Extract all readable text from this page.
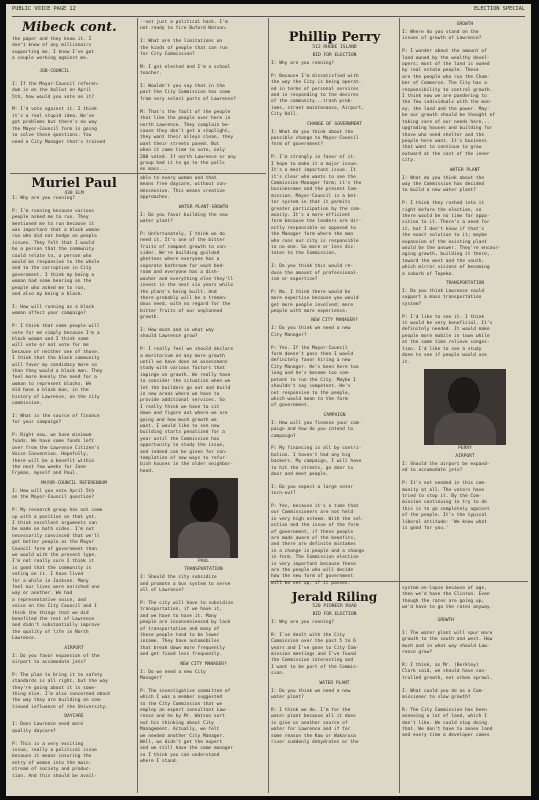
PUBLIC VOICE PAGE 12	ELECTION SPECIAL
Mibeck cont.
the paper and they know it. I
don't know of any millionairs
supporting me. I know I've got
a couple working against me.

JOB-COUNCIL

I: If the Mayor-Council referen-
dum is on the ballot on April
5th, how would you vote on it?

M: I'd vote against it. I think
it's a real stupid idea. We've
got problems but there's no way
the Mayor-Council form is going
to solve those questions. You
need a City Manager that's trained
--not just a political hack. I'm
not ready to fire Buford Watson.

I: What are the limitations on
the kinds of people that can run
for City Commission?

M: I got elected and I'm a school
teacher.

I: Wouldn't you say that in the
past the City Commission has come
from very select parts of Lawrence?

M: That's the fault of the people
that like the people over here in
north Lawrence. They complain be-
cause they don't get a stoplight,
they want their alleys clean, they
want their streets paved. But
when it came time to vote, only
200 voted. If north Lawrence or any
group had it to go to the polls
en mass...
Muriel Paul
438 ELM
I: Why are you running?

P: I'm running because various
people asked me to run. They
mentioned me to run because it
was important that a black woman
run who did not hedge on people
issues. They felt that I would
be a person that the community
could relate to, a person who
would be responsive to the whole
and to the corruption in City
government. I think my being a
woman had some bearing on the
people who asked me to run,
and also my being a black.

I: How will running as a black
woman affect your campaign?

P: I think that some people will
vote for me simply because I'm a
black woman and I think some
will vote or not vote for me
because of neither one of those.
I think that the black community
will favor my candidacy more so
than they would a black man. They
feel more keenly the need for a
woman to represent blacks. We
did have a black man, in the
history of Lawrence, on the city
commission.

I: What is the source of finance
for your campaign?

P: Right now, we have minimum
funds. We have some funds left
over from the Lawrence Citizen's
Voice Convention. Hopefully,
there will be a benefit within
the next few weeks for Jane
Fryman, myself and Paul.
MAYOR-COUNCIL REFERENDUM
I: How will you vote April 5th
on the Mayor-Council question?

P: My research group has not come
up with a position on that yet.
I think excellent arguments can
be made on both sides. I'm not
necessarily convinced that we'll
get better people as the Mayor
Council form of government than
we would with the present type.
I'm not really sure I think it
is good that the community is
voting on it. I have lived
for a while in Jackson. Many
feel our lives were enriched one
way or another. We had
a representative voice, and
voice on the City Council and I
think the things that we did
benefited the rest of Lawrence
and didn't substantially improve
the quality of life in North
Lawrence.
AIRPORT
I: Do you favor expansion of the
airport to accomodate jets?

P: The plan to bring it to safety
standards is all right, but the way
they're going about it is some-
thing else. I'm also concerned about
the way they are building on com-
tinued influence of the University.
DAYCARE
I: Does Lawrence need more
quality daycare?

P: This is a very exciting
issue, really a political issue
because it means insuring the
entry of women into the main-
stream of society and produc-
tion. And this should be avail-
able to every woman and that
means free daycare, without con-
descension. This means creative
approaches.
WATER PLANT-GROWTH
I: Do you favor building the new
water plant?

P: Unfortunately, I think we do
need it. It's one of the bitter
fruits of rampant growth to con-
sider. We're building guilded
ghettoes where everyone has a
separate bathroom for each bed-
room and everyone has a dish-
washer and everything else they'll
invest in the next six years while
the plant's being built. And
there probably will be a tremen-
dous need, with no regard for the
bitter fruits of our unplanned
growth.

I: How much and in what way
should Lawrence grow?

P: I really feel we should declare
a moritorium on any more growth
until we have done an assessment
study with various factors that
impinge on growth. We really have
to consider the situation when we
let the builders go out and build
in new areas where we have to
provide additional services. So
I really think we have to sit
down and figure out where we are
going and how much growth we
want. I would like to see new
building starts penalized for a
year until the Commission has
opportunity to study the issue,
and indeed can be given for con-
templation of new ways to refur-
bish houses in the older neighbor-
hood.
PAUL
TRANSPORTATION
I: Should the city subsidize
and promote a bus system to serve
all of Lawrence?

P: The city will have to subsidize
transportation, if we have it,
and we have to have it. Many
people are inconvenienced by lack
of transportation and many of
these people tend to be lower
income. They have automobiles
that break down more frequently
and get fixed less frequently.
NEW CITY MANAGER?
I: Do we need a new City
Manager?

P: The investigative committee of
which I was a member suggested
to the City Commission that we
employ an expert consultant Law-
rence and he by Mr. Watson sort
out his thinking about City
Management. Actually, we felt
we needed another City Manager.
Well, we didn't get the expert
and we still have the same manager
so I think you can understand
where I stand.
Phillip Perry
512 RHODE ISLAND
BID FOR ELECTION
I: Why are you running?

P: Because I'm dissatisfied with
the way the City is being operat-
ed in terms of personal services
and in responding to the desires
of the community...trash prob-
lems, street maintenance, Airport,
City Hall.
CHANGE OF GOVERNMENT
I: What do you think about the
possible change to Mayor-Council
form of government?

P: I'm strongly in favor of it.
I hope to make it a major issue.
It's a most important issue. It
it's clear who wants to see the
Commission-Manager form; it's the
businessmen and the present Com-
mission. Mayor-Council is a bet-
ter system in that it permits
greater participation by the com-
munity. It's a more efficient
form because the leaders are dir-
ectly responsible as opposed to
the Manager form where the man
who runs our city is responsible
to no one. So more or less dic-
tates to the Commission.

I: Do you think this would re-
duce the amount of professional-
ism or expertise?

P: No. I think there would be
more expertise because you would
get more people involved; more
people with more experience.
NEW CITY MANAGER?
I: Do you think we need a new
City Manager?

P: Yes. If the Mayor-Council
form doesn't pass then I would
definitely favor hiring a new
City Manager. He's been here too
long and he's become too com-
petent to run the City. Maybe I
shouldn't say competent. He's
not responsive to the people,
which would mean to the form
of government.
CAMPAIGN
I: How will you finance your cam-
paign and how do you intend to
campaign?

P: My financing is all by contri-
bution. I haven't had any big
backers. My campaign, I will have
to hit the streets, go door to
door and meet people.

I: Do you expect a large voter
turn-out?

P: Yes, because it's a time that
our Commissioners are not held
in very high esteem. With the sel-
ection and the issue of the form
of government, if these people
are made aware of the benefits,
and there are definite mistakes
in a change in people and a change
in form. The Commission election
is very important because these
are the people who will decide
how the new form of government
will be set up, if it passes.
GROWTH
I: Where do you stand on the
issues of growth of Lawrence?

P: I wonder about the amount of
land owned by the wealthy devel-
opers; most of the land is owned
by real estate people. These
are the people who run the Cham-
ber of Commerce. The City has a
responsibility to control growth.
I think now we are pandering to
the few individuals with the mon-
ey, the land and the power. May-
be our growth should be thought of
taking care of our needs here...
upgrading houses and building for
those who need shelter and the
people here want. It's business
that want to continue to grow
outward at the cost of the inner
city.
WATER PLANT
I: What do you think about the
way the Commission has decided
to build a new water plant?

P: I think they rushed into it
right before the election, so
there would be no time for oppo-
sition to it. There's a need for
it, but I don't know if that's
the exact solution to it; maybe
expansion of the existing plant
would be the answer. They're encour-
aging growth, building it there,
toward the west and the south,
which mirror visions of becoming
a suburb of Topeka.
TRANSPORTATION
I: Do you think Lawrence could
support a mass transportation
system?

P: I'd like to see it. I think
it would be very beneficial. It's
definitely needed. It would make
people more mobile in town while
at the same time relieve conges-
tion. I'd like to see a study
done to see if people would use
it.
PERRY
AIRPORT
I: Should the airport be expand-
ed to accomodate jets?

P: It's not needed in this com-
munity at all. The voters have
tried to stop it. By the Com-
mission continuing to try to do
this is to go completely against
of the people. It's the typical
liberal attitude: 'We know what
is good for you.'
Jerald Riling
520 PIONEER ROAD
BID FOR ELECTION
I: Why are you running?

R: I've dealt with the City
Commission over the past 5 to 6
years and I've gone to City Com-
mission meetings and I've found
the Commission interesting and
I want to be part of the Commis-
sion.
WATER PLANT
I: Do you think we need a new
water plant?

R: I think we do. I'm for the
water plant because all it does
is give us another source of
water for Lawrence and if for
some reason the Kaw or Wakarusa
river suddenly dehydrates or the
system on-lapse because of age,
then we'd have the Clinton. Even
though the rates are going up,
we'd have to go the rates anyway.

GROWTH

I: The water plant will spur more
growth to the south and west. How
much and in what way should Law-
rence grow?

R: I think, as Mr. (Berkley)
Clark said, we should have con-
trolled growth, not urban sprawl.

I: What could you do as a Com-
missioner to slow growth?

R: The City Commission has been
annexing a lot of land, which I
don't like. We could stop doing
that. We don't have to annex land
and every time a developer comes
